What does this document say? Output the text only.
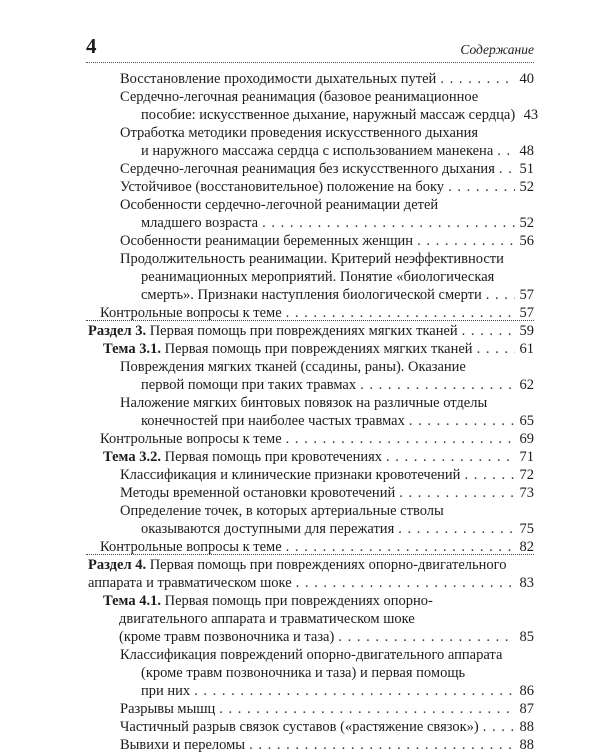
4	Содержание
Восстановление проходимости дыхательных путей . . .	40
Сердечно-легочная реанимация (базовое реанимационное
пособие: искусственное дыхание, наружный массаж сердца) 43
Отработка методики проведения искусственного дыхания
и наружного массажа сердца с использованием манекена . . . 48
Сердечно-легочная реанимация без искусственного дыхания . . . 51
Устойчивое (восстановительное) положение на боку . . .	52
Особенности сердечно-легочной реанимации детей
младшего возраста . . .	52
Особенности реанимации беременных женщин . . .	56
Продолжительность реанимации. Критерий неэффективности
реанимационных мероприятий. Понятие «биологическая
смерть». Признаки наступления биологической смерти . . .	57
Контрольные вопросы к теме . . .	57
Раздел 3. Первая помощь при повреждениях мягких тканей . . .	59
Тема 3.1. Первая помощь при повреждениях мягких тканей . . .	61
Повреждения мягких тканей (ссадины, раны). Оказание
первой помощи при таких травмах . . .	62
Наложение мягких бинтовых повязок на различные отделы
конечностей при наиболее частых травмах . . .	65
Контрольные вопросы к теме . . .	69
Тема 3.2. Первая помощь при кровотечениях . . .	71
Классификация и клинические признаки кровотечений . . .	72
Методы временной остановки кровотечений . . .	73
Определение точек, в которых артериальные стволы
оказываются доступными для пережатия . . .	75
Контрольные вопросы к теме . . .	82
Раздел 4. Первая помощь при повреждениях опорно-двигательного
аппарата и травматическом шоке . . .	83
Тема 4.1. Первая помощь при повреждениях опорно-
двигательного аппарата и травматическом шоке
(кроме травм позвоночника и таза) . . .	85
Классификация повреждений опорно-двигательного аппарата
(кроме травм позвоночника и таза) и первая помощь
при них . . .	86
Разрывы мышц . . .	87
Частичный разрыв связок суставов («растяжение связок») . . .	88
Вывихи и переломы . . .	88
